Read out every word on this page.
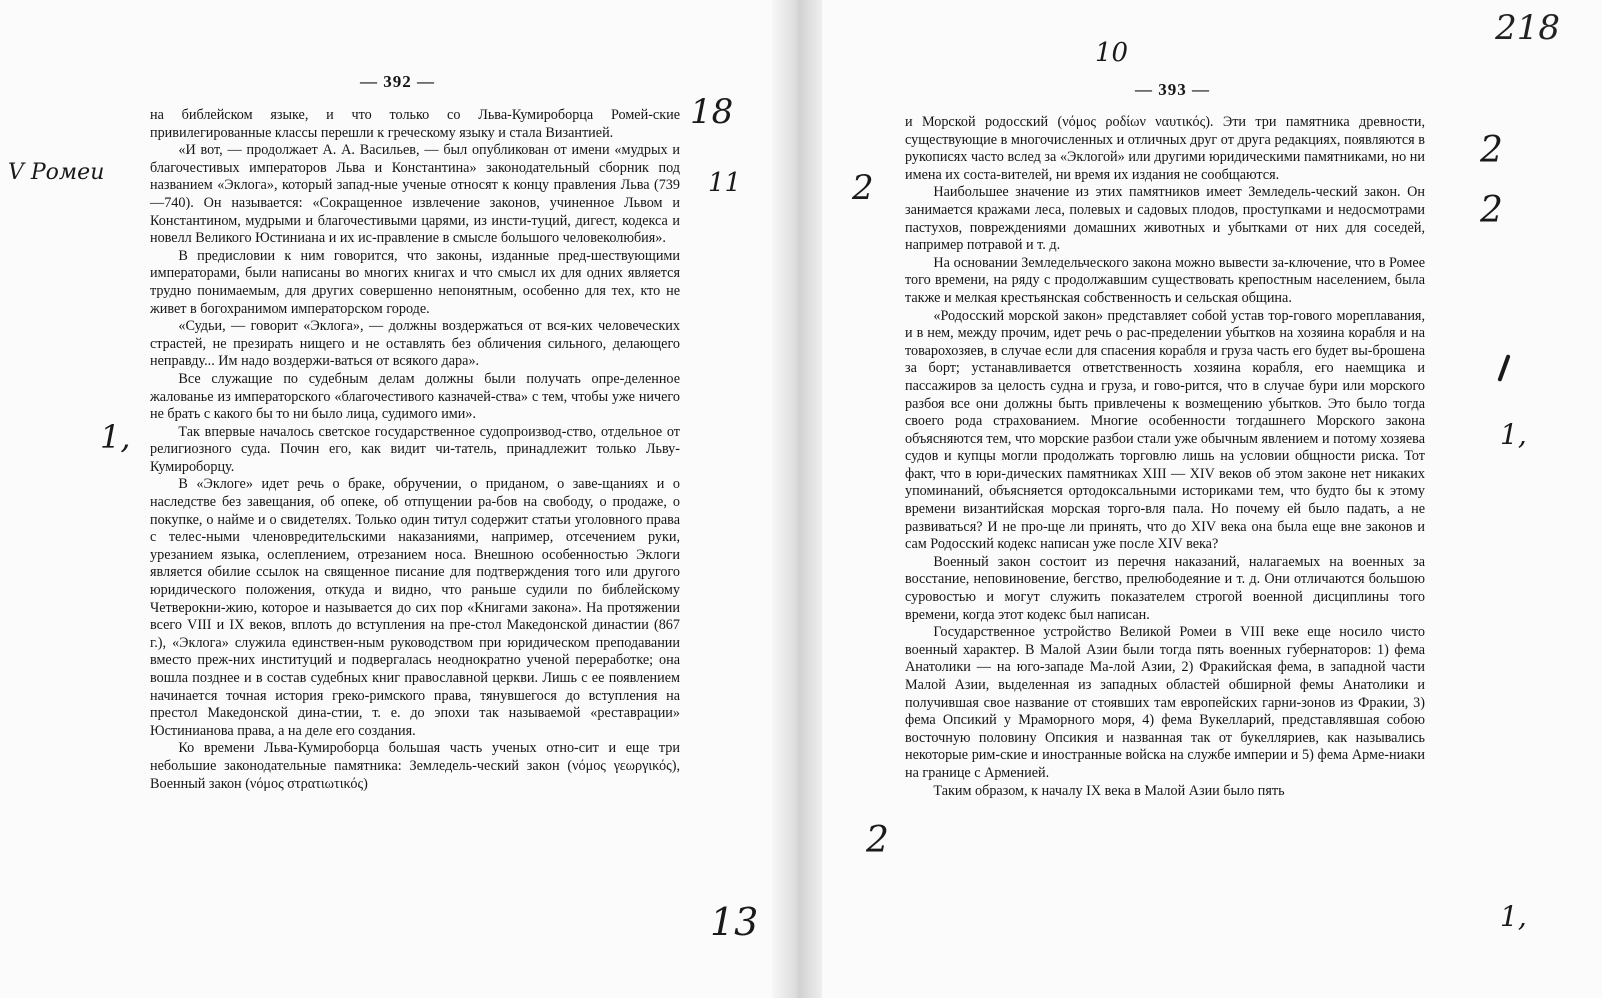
— 392 —	— 393 —

на библейском языке, и что только со Льва-Кумироборца Ромей-ские привилегированные классы перешли к греческому языку и стала Византией.

«И вот, — продолжает А. А. Васильев, — был опубликован от имени «мудрых и благочестивых императоров Льва и Константина» законодательный сборник под названием «Эклога», который запад-ные ученые относят к концу правления Льва (739—740). Он называется: «Сокращенное извлечение законов, учиненное Львом и Константином, мудрыми и благочестивыми царями, из инсти-туций, дигест, кодекса и новелл Великого Юстиниана и их ис-правление в смысле большого человеколюбия».

В предисловии к ним говорится, что законы, изданные пред-шествующими императорами, были написаны во многих книгах и что смысл их для одних является трудно понимаемым, для других совершенно непонятным, особенно для тех, кто не живет в богохранимом императорском городе.

«Судьи, — говорит «Эклога», — должны воздержаться от вся-ких человеческих страстей, не презирать нищего и не оставлять без обличения сильного, делающего неправду... Им надо воздержи-ваться от всякого дара».

Все служащие по судебным делам должны были получать опре-деленное жалованье из императорского «благочестивого казначей-ства» с тем, чтобы уже ничего не брать с какого бы то ни было лица, судимого ими».

Так впервые началось светское государственное судопроизвод-ство, отдельное от религиозного суда. Почин его, как видит чи-татель, принадлежит только Льву-Кумироборцу.

В «Эклоге» идет речь о браке, обручении, о приданом, о заве-щаниях и о наследстве без завещания, об опеке, об отпущении ра-бов на свободу, о продаже, о покупке, о найме и о свидетелях. Только один титул содержит статьи уголовного права с телес-ными членовредительскими наказаниями, например, отсечением руки, урезанием языка, ослеплением, отрезанием носа. Внешною особенностью Эклоги является обилие ссылок на священное писание для подтверждения того или другого юридического положения, откуда и видно, что раньше судили по библейскому Четверокни-жию, которое и называется до сих пор «Книгами закона». На протяжении всего VIII и IX веков, вплоть до вступления на пре-стол Македонской династии (867 г.), «Эклога» служила единствен-ным руководством при юридическом преподавании вместо преж-них институций и подвергалась неоднократно ученой переработке; она вошла позднее и в состав судебных книг православной церкви. Лишь с ее появлением начинается точная история греко-римского права, тянувшегося до вступления на престол Македонской дина-стии, т. е. до эпохи так называемой «реставрации» Юстинианова права, а на деле его создания.

Ко времени Льва-Кумироборца большая часть ученых отно-сит и еще три небольшие законодательные памятника: Земледель-ческий закон (νόμος γεωργικός), Военный закон (νόμος στρατιωτικός)

и Морской родосский (νόμος ροδίων ναυτικός). Эти три памятника древности, существующие в многочисленных и отличных друг от друга редакциях, появляются в рукописях часто вслед за «Эклогой» или другими юридическими памятниками, но ни имена их соста-вителей, ни время их издания не сообщаются.

Наибольшее значение из этих памятников имеет Земледель-ческий закон. Он занимается кражами леса, полевых и садовых плодов, проступками и недосмотрами пастухов, повреждениями домашних животных и убытками от них для соседей, например потравой и т. д.

На основании Земледельческого закона можно вывести за-ключение, что в Ромее того времени, на ряду с продолжавшим существовать крепостным населением, была также и мелкая крестьянская собственность и сельская община.

«Родосский морской закон» представляет собой устав тор-гового мореплавания, и в нем, между прочим, идет речь о рас-пределении убытков на хозяина корабля и на товарохозяев, в случае если для спасения корабля и груза часть его будет вы-брошена за борт; устанавливается ответственность хозяина корабля, его наемщика и пассажиров за целость судна и груза, и гово-рится, что в случае бури или морского разбоя все они должны быть привлечены к возмещению убытков. Это было тогда своего рода страхованием. Многие особенности тогдашнего Морского закона объясняются тем, что морские разбои стали уже обычным явлением и потому хозяева судов и купцы могли продолжать торговлю лишь на условии общности риска. Тот факт, что в юри-дических памятниках XIII — XIV веков об этом законе нет никаких упоминаний, объясняется ортодоксальными историками тем, что будто бы к этому времени византийская морская торго-вля пала. Но почему ей было падать, а не развиваться? И не про-ще ли принять, что до XIV века она была еще вне законов и сам Родосский кодекс написан уже после XIV века?

Военный закон состоит из перечня наказаний, налагаемых на военных за восстание, неповиновение, бегство, прелюбодеяние и т. д. Они отличаются большою суровостью и могут служить показателем строгой военной дисциплины того времени, когда этот кодекс был написан.

Государственное устройство Великой Ромеи в VIII веке еще носило чисто военный характер. В Малой Азии были тогда пять военных губернаторов: 1) фема Анатолики — на юго-западе Ма-лой Азии, 2) Фракийская фема, в западной части Малой Азии, выделенная из западных областей обширной фемы Анатолики и получившая свое название от стоявших там европейских гарни-зонов из Фракии, 3) фема Опсикий у Мраморного моря, 4) фема Вукелларий, представлявшая собою восточную половину Опсикия и названная так от букелляриев, как назывались некоторые рим-ские и иностранные войска на службе империи и 5) фема Арме-ниаки на границе с Арменией.

Таким образом, к началу IX века в Малой Азии было пять

218
10
V Ромеи
18
11	2
1,
13
2
2
2
1,
1,
